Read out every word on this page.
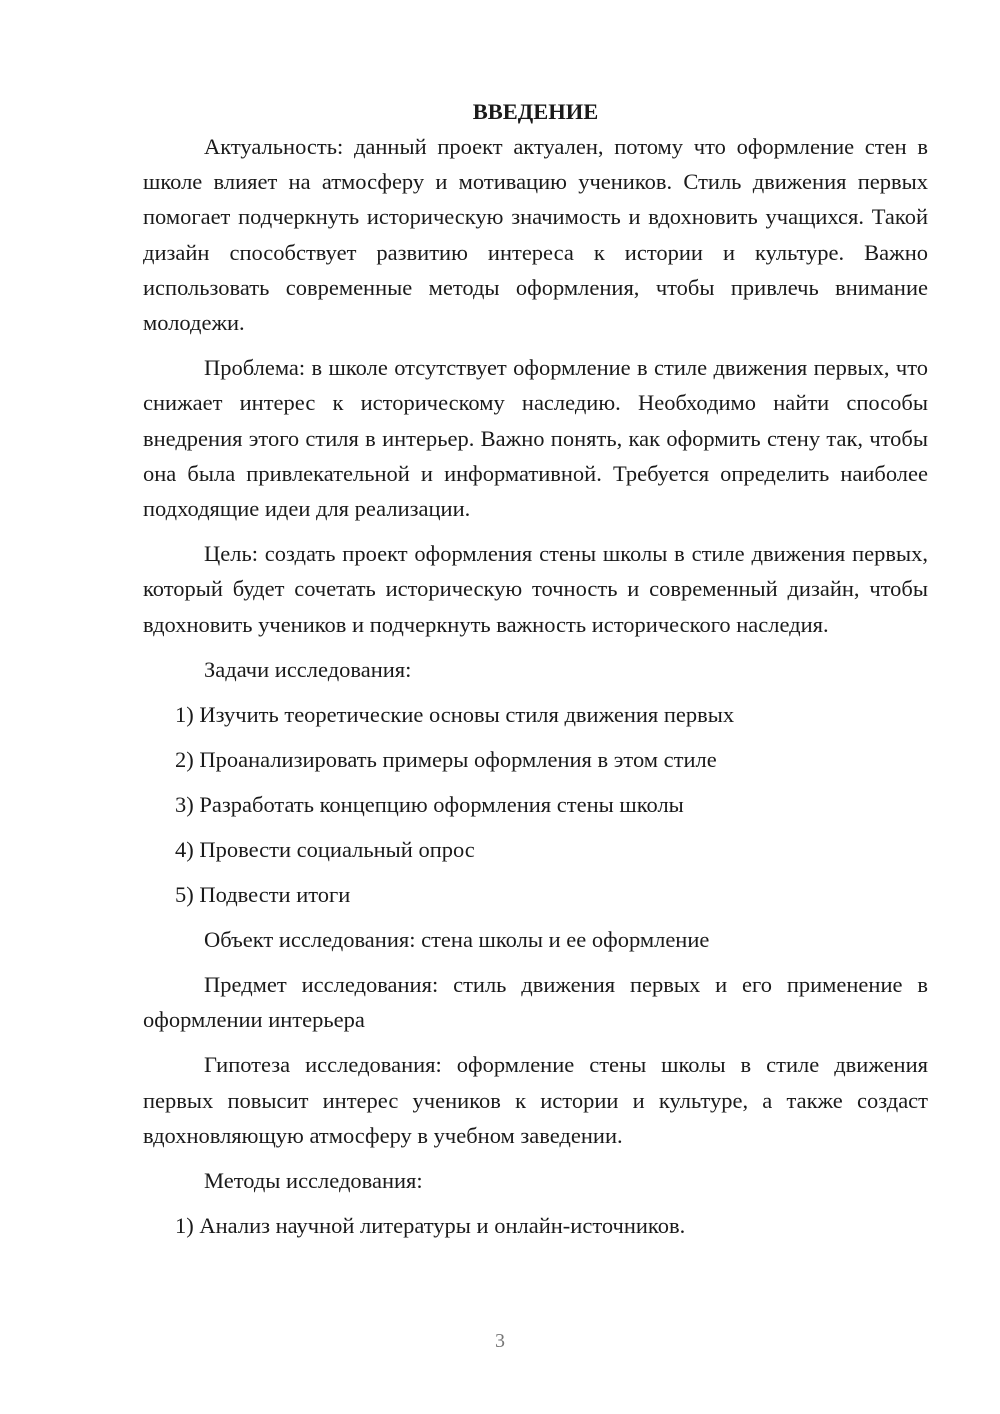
ВВЕДЕНИЕ

Актуальность: данный проект актуален, потому что оформление стен в школе влияет на атмосферу и мотивацию учеников. Стиль движения первых помогает подчеркнуть историческую значимость и вдохновить учащихся. Такой дизайн способствует развитию интереса к истории и культуре. Важно использовать современные методы оформления, чтобы привлечь внимание молодежи.

Проблема: в школе отсутствует оформление в стиле движения первых, что снижает интерес к историческому наследию. Необходимо найти способы внедрения этого стиля в интерьер. Важно понять, как оформить стену так, чтобы она была привлекательной и информативной. Требуется определить наиболее подходящие идеи для реализации.

Цель: создать проект оформления стены школы в стиле движения первых, который будет сочетать историческую точность и современный дизайн, чтобы вдохновить учеников и подчеркнуть важность исторического наследия.

Задачи исследования:

1) Изучить теоретические основы стиля движения первых

2) Проанализировать примеры оформления в этом стиле

3) Разработать концепцию оформления стены школы

4) Провести социальный опрос

5) Подвести итоги

Объект исследования: стена школы и ее оформление

Предмет исследования: стиль движения первых и его применение в оформлении интерьера

Гипотеза исследования: оформление стены школы в стиле движения первых повысит интерес учеников к истории и культуре, а также создаст вдохновляющую атмосферу в учебном заведении.

Методы исследования:

1) Анализ научной литературы и онлайн-источников.

3
